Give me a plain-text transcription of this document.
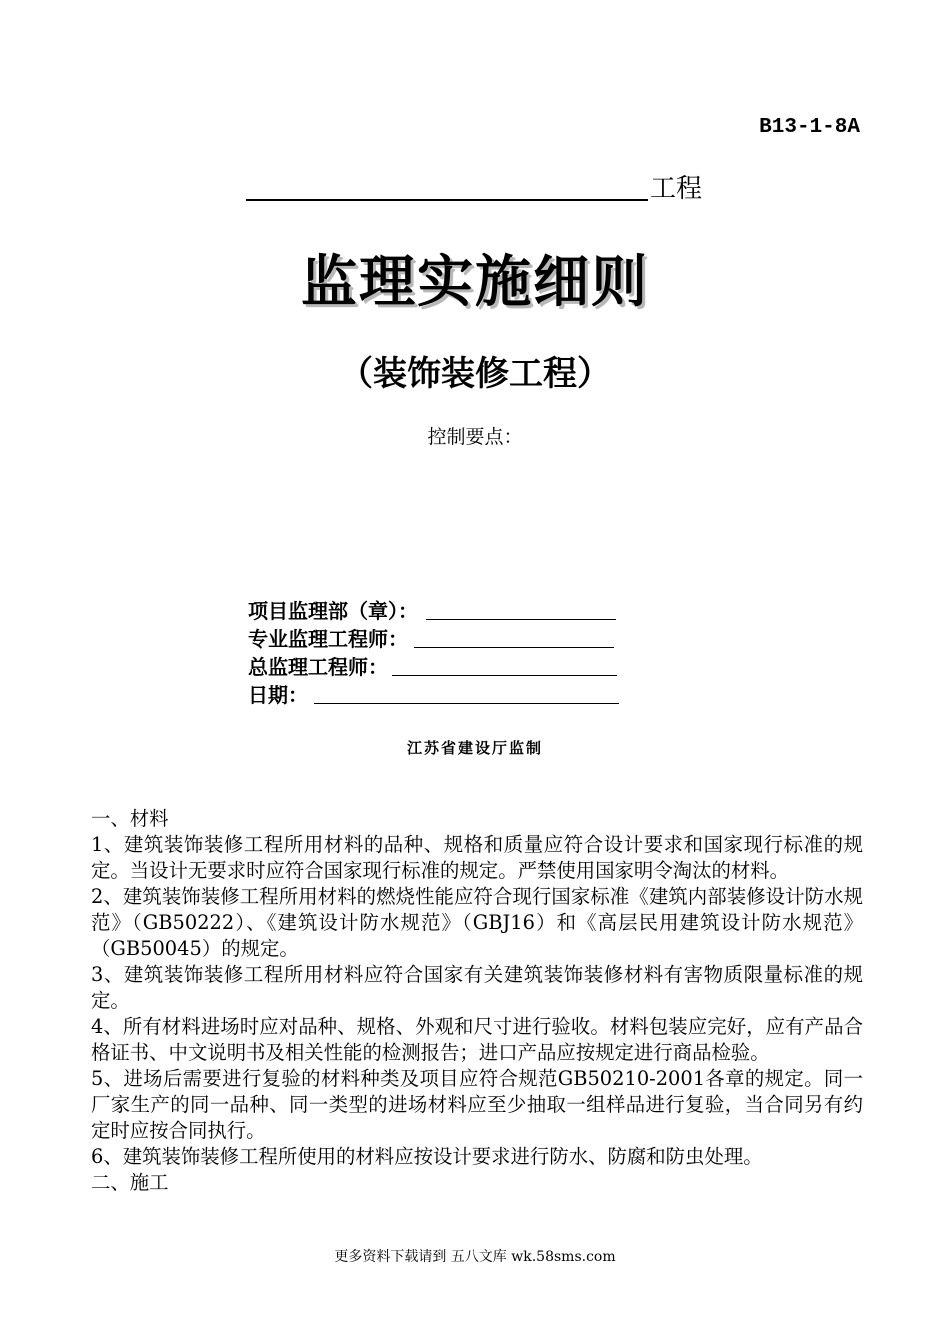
B13-1-8A
工程
监理实施细则
（装饰装修工程）
控制要点：
项目监理部（章）：
专业监理工程师：
总监理工程师：
日期：
江苏省建设厅监制

一、材料

1、建筑装饰装修工程所用材料的品种、规格和质量应符合设计要求和国家现行标准的规定。当设计无要求时应符合国家现行标准的规定。严禁使用国家明令淘汰的材料。

2、建筑装饰装修工程所用材料的燃烧性能应符合现行国家标准《建筑内部装修设计防水规范》（GB50222）、《建筑设计防水规范》（GBJ16）和《高层民用建筑设计防水规范》（GB50045）的规定。

3、建筑装饰装修工程所用材料应符合国家有关建筑装饰装修材料有害物质限量标准的规定。

4、所有材料进场时应对品种、规格、外观和尺寸进行验收。材料包装应完好，应有产品合格证书、中文说明书及相关性能的检测报告；进口产品应按规定进行商品检验。

5、进场后需要进行复验的材料种类及项目应符合规范GB50210-2001各章的规定。同一厂家生产的同一品种、同一类型的进场材料应至少抽取一组样品进行复验，当合同另有约定时应按合同执行。

6、建筑装饰装修工程所使用的材料应按设计要求进行防水、防腐和防虫处理。

二、施工

更多资料下载请到 五八文库 wk.58sms.com
